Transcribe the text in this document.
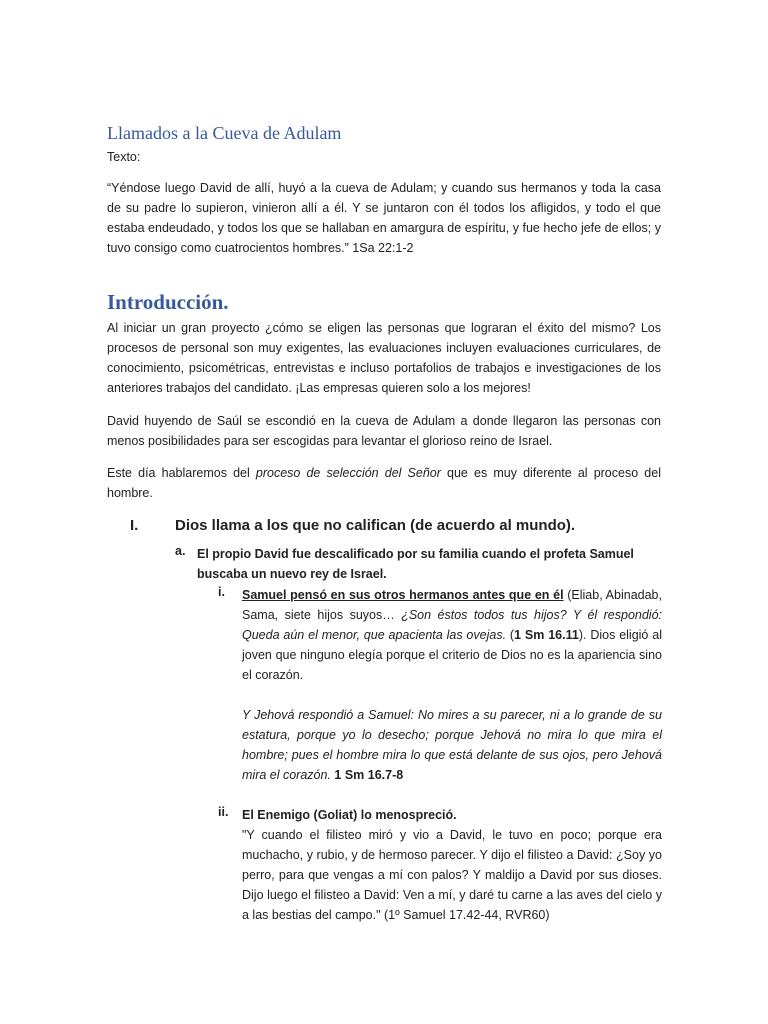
Llamados a la Cueva de Adulam

Texto:

“Yéndose luego David de allí, huyó a la cueva de Adulam; y cuando sus hermanos y toda la casa de su padre lo supieron, vinieron allí a él. Y se juntaron con él todos los afligidos, y todo el que estaba endeudado, y todos los que se hallaban en amargura de espíritu, y fue hecho jefe de ellos; y tuvo consigo como cuatrocientos hombres.” 1Sa 22:1-2

Introducción.

Al iniciar un gran proyecto ¿cómo se eligen las personas que lograran el éxito del mismo? Los procesos de personal son muy exigentes, las evaluaciones incluyen evaluaciones curriculares, de conocimiento, psicométricas, entrevistas e incluso portafolios de trabajos e investigaciones de los anteriores trabajos del candidato. ¡Las empresas quieren solo a los mejores!

David huyendo de Saúl se escondió en la cueva de Adulam a donde llegaron las personas con menos posibilidades para ser escogidas para levantar el glorioso reino de Israel.

Este día hablaremos del proceso de selección del Señor que es muy diferente al proceso del hombre.

I. Dios llama a los que no califican (de acuerdo al mundo).
a. El propio David fue descalificado por su familia cuando el profeta Samuel buscaba un nuevo rey de Israel.

i. Samuel pensó en sus otros hermanos antes que en él (Eliab, Abinadab, Sama, siete hijos suyos… ¿Son éstos todos tus hijos? Y él respondió: Queda aún el menor, que apacienta las ovejas. (1 Sm 16.11). Dios eligió al joven que ninguno elegía porque el criterio de Dios no es la apariencia sino el corazón.

Y Jehová respondió a Samuel: No mires a su parecer, ni a lo grande de su estatura, porque yo lo desecho; porque Jehová no mira lo que mira el hombre; pues el hombre mira lo que está delante de sus ojos, pero Jehová mira el corazón. 1 Sm 16.7-8

ii. El Enemigo (Goliat) lo menospreció.

"Y cuando el filisteo miró y vio a David, le tuvo en poco; porque era muchacho, y rubio, y de hermoso parecer. Y dijo el filisteo a David: ¿Soy yo perro, para que vengas a mí con palos? Y maldijo a David por sus dioses. Dijo luego el filisteo a David: Ven a mí, y daré tu carne a las aves del cielo y a las bestias del campo." (1º Samuel 17.42-44, RVR60)
